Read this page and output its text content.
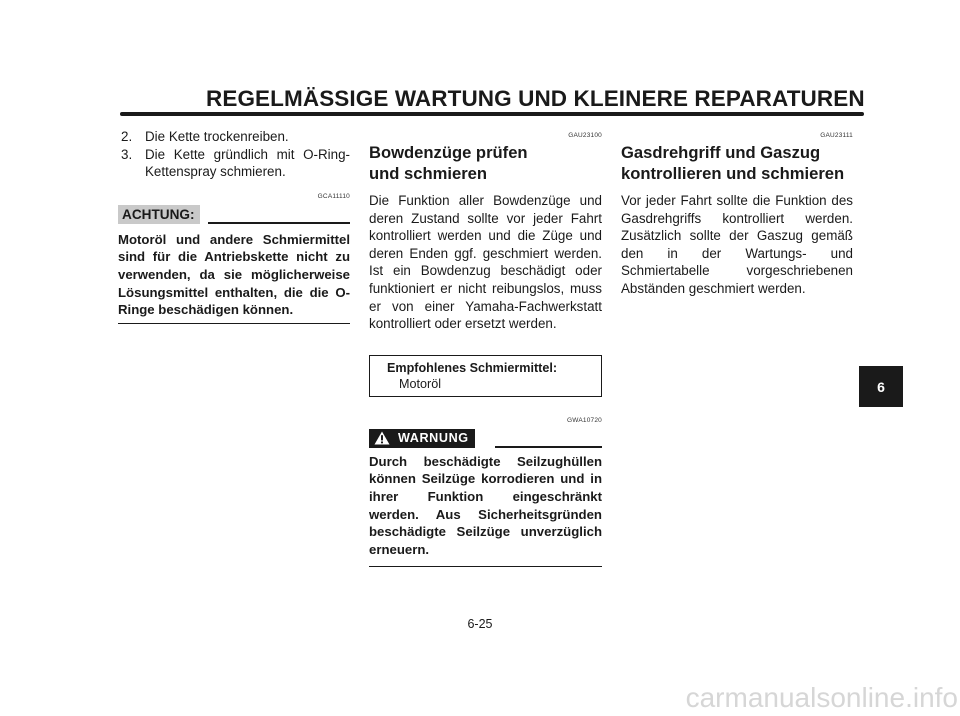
REGELMÄSSIGE WARTUNG UND KLEINERE REPARATUREN
2. Die Kette trockenreiben.
3. Die Kette gründlich mit O-Ring-Kettenspray schmieren.
GCA11110
ACHTUNG:
Motoröl und andere Schmiermittel sind für die Antriebskette nicht zu verwenden, da sie möglicherweise Lösungsmittel enthalten, die die O-Ringe beschädigen können.
GAU23100
Bowdenzüge prüfen und schmieren
Die Funktion aller Bowdenzüge und deren Zustand sollte vor jeder Fahrt kontrolliert werden und die Züge und deren Enden ggf. geschmiert werden. Ist ein Bowdenzug beschädigt oder funktioniert er nicht reibungslos, muss er von einer Yamaha-Fachwerkstatt kontrolliert oder ersetzt werden.
Empfohlenes Schmiermittel:
Motoröl
GWA10720
WARNUNG
Durch beschädigte Seilzughüllen können Seilzüge korrodieren und in ihrer Funktion eingeschränkt werden. Aus Sicherheitsgründen beschädigte Seilzüge unverzüglich erneuern.
GAU23111
Gasdrehgriff und Gaszug kontrollieren und schmieren
Vor jeder Fahrt sollte die Funktion des Gasdrehgriffs kontrolliert werden. Zusätzlich sollte der Gaszug gemäß den in der Wartungs- und Schmiertabelle vorgeschriebenen Abständen geschmiert werden.
6
6-25
carmanualsonline.info
